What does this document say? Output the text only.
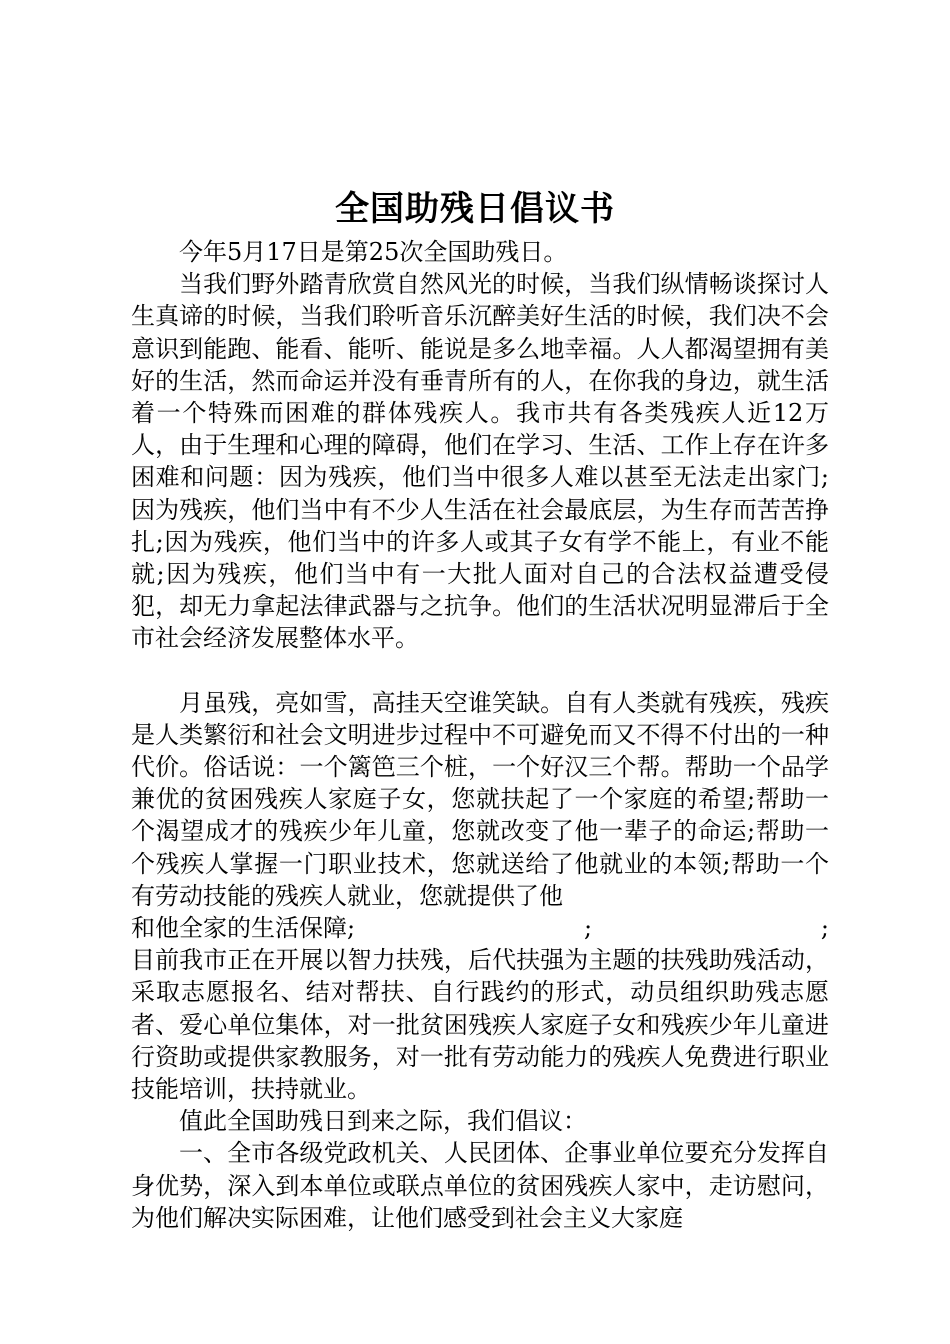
全国助残日倡议书

今年5月17日是第25次全国助残日。

当我们野外踏青欣赏自然风光的时候，当我们纵情畅谈探讨人生真谛的时候，当我们聆听音乐沉醉美好生活的时候，我们决不会意识到能跑、能看、能听、能说是多么地幸福。人人都渴望拥有美好的生活，然而命运并没有垂青所有的人，在你我的身边，就生活着一个特殊而困难的群体残疾人。我市共有各类残疾人近12万人，由于生理和心理的障碍，他们在学习、生活、工作上存在许多困难和问题：因为残疾，他们当中很多人难以甚至无法走出家门;因为残疾，他们当中有不少人生活在社会最底层，为生存而苦苦挣扎;因为残疾，他们当中的许多人或其子女有学不能上，有业不能就;因为残疾，他们当中有一大批人面对自己的合法权益遭受侵犯，却无力拿起法律武器与之抗争。他们的生活状况明显滞后于全市社会经济发展整体水平。

月虽残，亮如雪，高挂天空谁笑缺。自有人类就有残疾，残疾是人类繁衍和社会文明进步过程中不可避免而又不得不付出的一种代价。俗话说：一个篱笆三个桩，一个好汉三个帮。帮助一个品学兼优的贫困残疾人家庭子女，您就扶起了一个家庭的希望;帮助一个渴望成才的残疾少年儿童，您就改变了他一辈子的命运;帮助一个残疾人掌握一门职业技术，您就送给了他就业的本领;帮助一个有劳动技能的残疾人就业，您就提供了他

和他全家的生活保障;	;	;

目前我市正在开展以智力扶残，后代扶强为主题的扶残助残活动，采取志愿报名、结对帮扶、自行践约的形式，动员组织助残志愿者、爱心单位集体，对一批贫困残疾人家庭子女和残疾少年儿童进行资助或提供家教服务，对一批有劳动能力的残疾人免费进行职业技能培训，扶持就业。

值此全国助残日到来之际，我们倡议：

一、全市各级党政机关、人民团体、企事业单位要充分发挥自身优势，深入到本单位或联点单位的贫困残疾人家中，走访慰问，为他们解决实际困难，让他们感受到社会主义大家庭
